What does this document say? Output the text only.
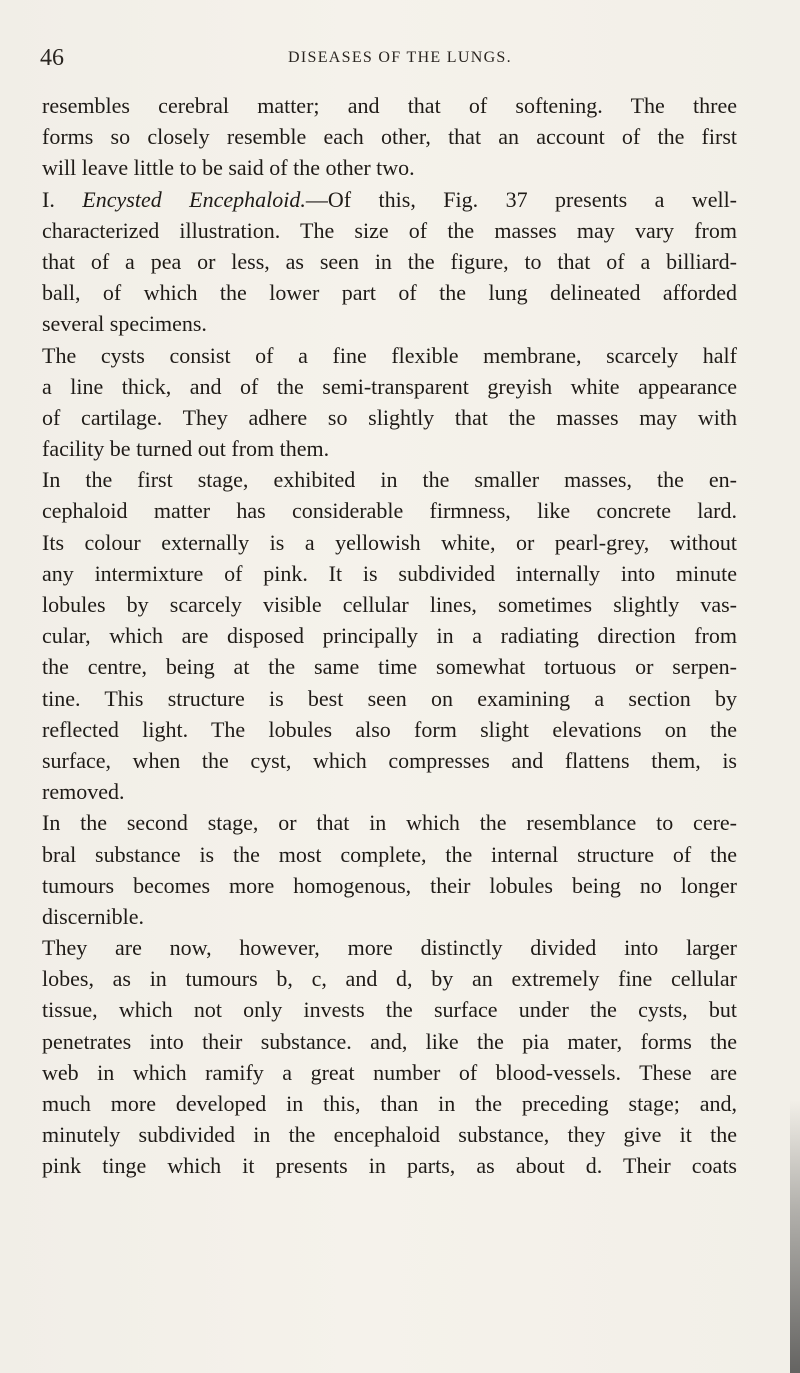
46	DISEASES OF THE LUNGS.
resembles cerebral matter; and that of softening. The three
forms so closely resemble each other, that an account of the first
will leave little to be said of the other two.
I. Encysted Encephaloid.—Of this, Fig. 37 presents a well-
characterized illustration. The size of the masses may vary from
that of a pea or less, as seen in the figure, to that of a billiard-
ball, of which the lower part of the lung delineated afforded
several specimens.
The cysts consist of a fine flexible membrane, scarcely half
a line thick, and of the semi-transparent greyish white appearance
of cartilage. They adhere so slightly that the masses may with
facility be turned out from them.
In the first stage, exhibited in the smaller masses, the en-
cephaloid matter has considerable firmness, like concrete lard.
Its colour externally is a yellowish white, or pearl-grey, without
any intermixture of pink. It is subdivided internally into minute
lobules by scarcely visible cellular lines, sometimes slightly vas-
cular, which are disposed principally in a radiating direction from
the centre, being at the same time somewhat tortuous or serpen-
tine. This structure is best seen on examining a section by
reflected light. The lobules also form slight elevations on the
surface, when the cyst, which compresses and flattens them, is
removed.
In the second stage, or that in which the resemblance to cere-
bral substance is the most complete, the internal structure of the
tumours becomes more homogenous, their lobules being no longer
discernible.
They are now, however, more distinctly divided into larger
lobes, as in tumours b, c, and d, by an extremely fine cellular
tissue, which not only invests the surface under the cysts, but
penetrates into their substance. and, like the pia mater, forms the
web in which ramify a great number of blood-vessels. These are
much more developed in this, than in the preceding stage; and,
minutely subdivided in the encephaloid substance, they give it the
pink tinge which it presents in parts, as about d. Their coats
